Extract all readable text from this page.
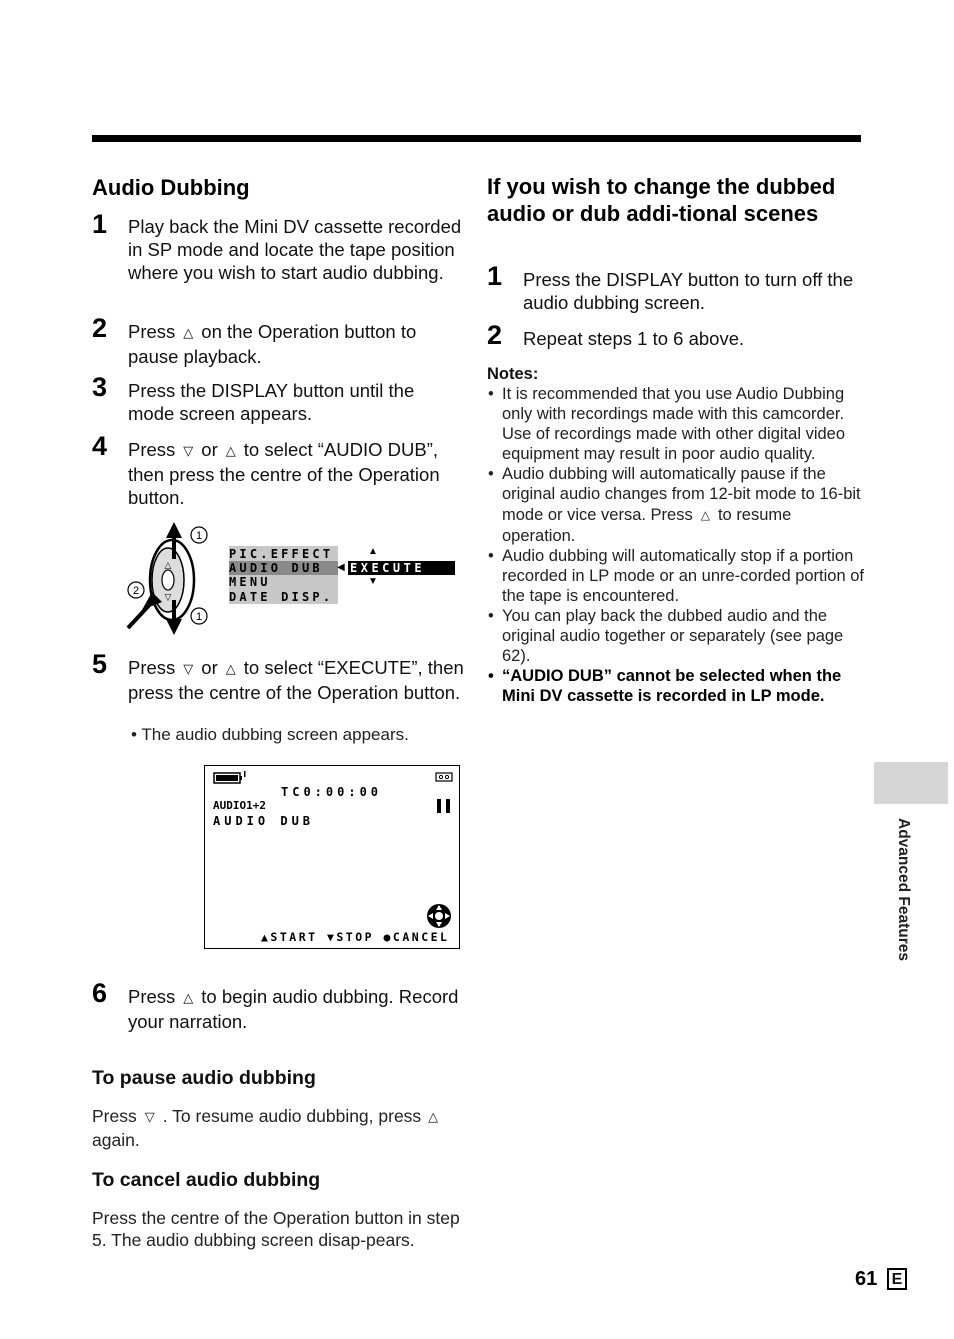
Audio Dubbing
1 Play back the Mini DV cassette recorded in SP mode and locate the tape position where you wish to start audio dubbing.
2 Press △ on the Operation button to pause playback.
3 Press the DISPLAY button until the mode screen appears.
4 Press ▽ or △ to select “AUDIO DUB”, then press the centre of the Operation button.
△
▽
1
2
1
PIC.EFFECT
AUDIO DUB
MENU
DATE DISP.
▲
◀ EXECUTE
▼
5 Press ▽ or △ to select “EXECUTE”, then press the centre of the Operation button.
• The audio dubbing screen appears.
TC0:00:00
AUDIO1+2
AUDIO DUB
▲START ▼STOP ●CANCEL
6 Press △ to begin audio dubbing. Record your narration.
To pause audio dubbing
Press ▽ . To resume audio dubbing, press △again.
To cancel audio dubbing
Press the centre of the Operation button in step 5. The audio dubbing screen disap-pears.
If you wish to change the dubbed audio or dub addi-tional scenes
1 Press the DISPLAY button to turn off the audio dubbing screen.
2 Repeat steps 1 to 6 above.
Notes:
• It is recommended that you use Audio Dubbing only with recordings made with this camcorder. Use of recordings made with other digital video equipment may result in poor audio quality.
• Audio dubbing will automatically pause if the original audio changes from 12-bit mode to 16-bit mode or vice versa. Press △ to resume operation.
• Audio dubbing will automatically stop if a portion recorded in LP mode or an unre-corded portion of the tape is encountered.
• You can play back the dubbed audio and the original audio together or separately (see page 62).
• “AUDIO DUB” cannot be selected when the Mini DV cassette is recorded in LP mode.
Advanced Features
61 E
